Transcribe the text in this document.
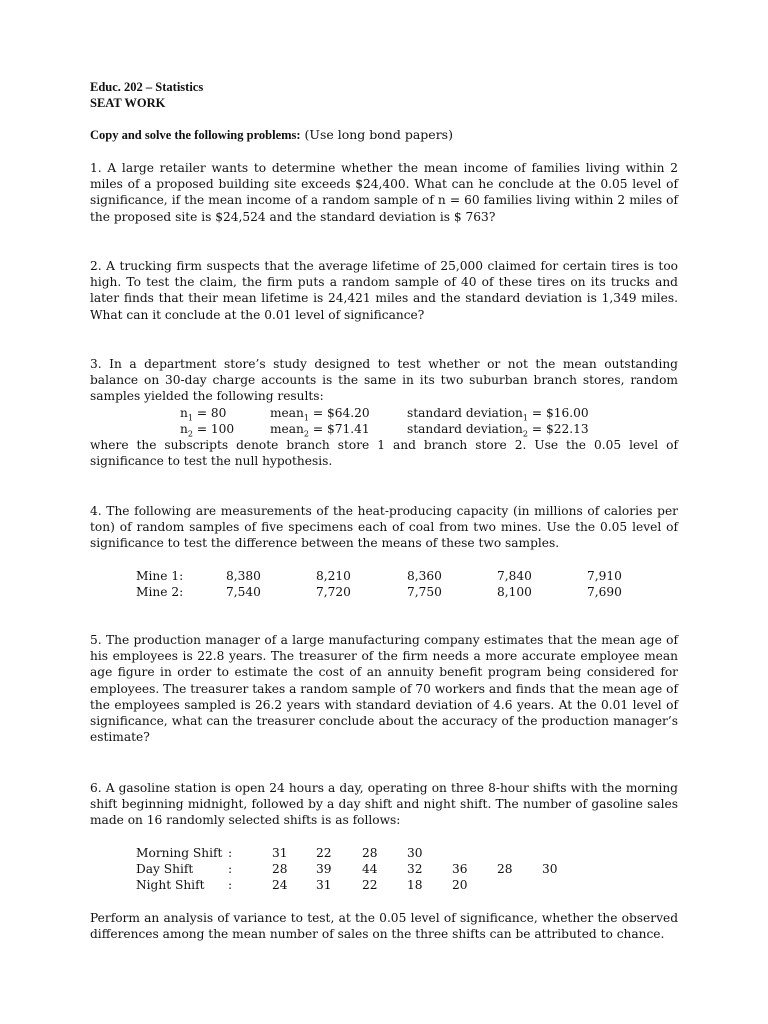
Educ. 202 – Statistics
SEAT WORK
Copy and solve the following problems: (Use long bond papers)
1. A large retailer wants to determine whether the mean income of families living within 2 miles of a proposed building site exceeds $24,400. What can he conclude at the 0.05 level of significance, if the mean income of a random sample of n = 60 families living within 2 miles of the proposed site is $24,524 and the standard deviation is $ 763?
2. A trucking firm suspects that the average lifetime of 25,000 claimed for certain tires is too high. To test the claim, the firm puts a random sample of 40 of these tires on its trucks and later finds that their mean lifetime is 24,421 miles and the standard deviation is 1,349 miles. What can it conclude at the 0.01 level of significance?
3. In a department store’s study designed to test whether or not the mean outstanding balance on 30-day charge accounts is the same in its two suburban branch stores, random samples yielded the following results:
$n_1 = 80$	mean$_1$ = $64.20	standard deviation$_1$ = $16.00
$n_2 = 100$	mean$_2$ = $71.41	standard deviation$_2$ = $22.13
where the subscripts denote branch store 1 and branch store 2. Use the 0.05 level of significance to test the null hypothesis.
4. The following are measurements of the heat-producing capacity (in millions of calories per ton) of random samples of five specimens each of coal from two mines. Use the 0.05 level of significance to test the difference between the means of these two samples.
Mine 1:	8,380	8,210	8,360	7,840	7,910
Mine 2:	7,540	7,720	7,750	8,100	7,690
5. The production manager of a large manufacturing company estimates that the mean age of his employees is 22.8 years. The treasurer of the firm needs a more accurate employee mean age figure in order to estimate the cost of an annuity benefit program being considered for employees. The treasurer takes a random sample of 70 workers and finds that the mean age of the employees sampled is 26.2 years with standard deviation of 4.6 years. At the 0.01 level of significance, what can the treasurer conclude about the accuracy of the production manager’s estimate?
6. A gasoline station is open 24 hours a day, operating on three 8-hour shifts with the morning shift beginning midnight, followed by a day shift and night shift. The number of gasoline sales made on 16 randomly selected shifts is as follows:
Morning Shift :	31 22 28 30
Day Shift	:	28 39 44 32 36 28 30
Night Shift :	24 31 22 18 20
Perform an analysis of variance to test, at the 0.05 level of significance, whether the observed differences among the mean number of sales on the three shifts can be attributed to chance.
